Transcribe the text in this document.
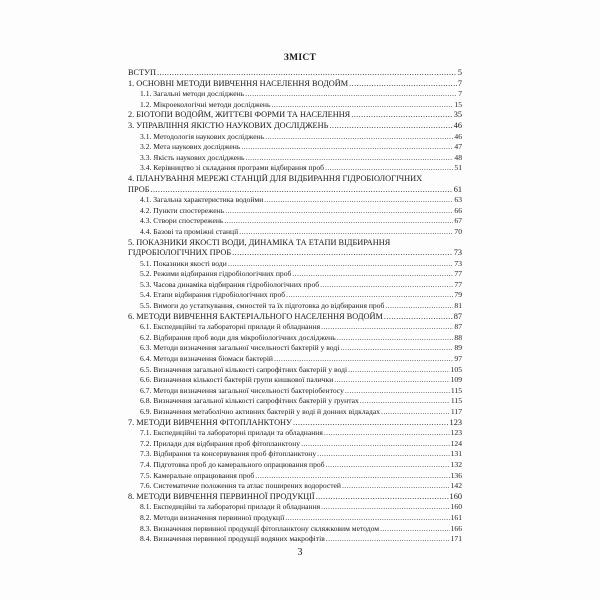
ЗМІСТ
ВСТУП .....	5
1. ОСНОВНІ МЕТОДИ ВИВЧЕННЯ НАСЕЛЕННЯ ВОДОЙМ .....	7
1.1. Загальні методи досліджень .....	7
1.2. Мікроекологічні методи досліджень .....	15
2. БІОТОПИ ВОДОЙМ, ЖИТТЄВІ ФОРМИ ТА НАСЕЛЕННЯ .....	35
3. УПРАВЛІННЯ ЯКІСТЮ НАУКОВИХ ДОСЛІДЖЕНЬ .....	46
3.1. Методологія наукових досліджень .....	46
3.2. Мета наукових досліджень .....	47
3.3. Якість наукових досліджень .....	48
3.4. Керівництво зі складання програми відбирання проб .....	51
4. ПЛАНУВАННЯ МЕРЕЖІ СТАНЦІЙ ДЛЯ ВІДБИРАННЯ ГІДРОБІОЛОГІЧНИХ
ПРОБ .....	61
4.1. Загальна характеристика водойми .....	63
4.2. Пункти спостережень .....	66
4.3. Створи спостережень .....	67
4.4. Базові та проміжні станції .....	70
5. ПОКАЗНИКИ ЯКОСТІ ВОДИ, ДИНАМІКА ТА ЕТАПИ ВІДБИРАННЯ
ГІДРОБІОЛОГІЧНИХ ПРОБ .....	73
5.1. Показники якості води .....	73
5.2. Режими відбирання гідробіологічних проб .....	77
5.3. Часова динаміка відбирання гідробіологічних проб .....	77
5.4. Етапи відбирання гідробіологічних проб .....	79
5.5. Вимоги до устаткування, ємностей та їх підготовка до відбирання проб .....	81
6. МЕТОДИ ВИВЧЕННЯ БАКТЕРІАЛЬНОГО НАСЕЛЕННЯ ВОДОЙМ .....	87
6.1. Експедиційні та лабораторні прилади й обладнання .....	87
6.2. Відбирання проб води для мікробіологічних досліджень .....	88
6.3. Методи визначення загальної чисельності бактерій у воді .....	89
6.4. Методи визначення біомаси бактерій .....	97
6.5. Визначення загальної кількості сапрофітних бактерій у воді .....	105
6.6. Визначення кількості бактерій групи кишкової палички .....	109
6.7. Методи визначення загальної чисельності бактеріобентосу .....	115
6.8. Визначення загальної кількості сапрофітних бактерій у ґрунтах .....	115
6.9. Визначення метаболічно активних бактерій у воді й донних відкладах .....	117
7. МЕТОДИ ВИВЧЕННЯ ФІТОПЛАНКТОНУ .....	123
7.1. Експедиційні та лабораторні прилади та обладнання .....	123
7.2. Прилади для відбирання проб фітопланктону .....	124
7.3. Відбирання та консервування проб фітопланктону .....	131
7.4. Підготовка проб до камерального опрацювання проб .....	132
7.5. Камеральне опрацювання проб .....	136
7.6. Систематичне положення та атлас поширених водоростей .....	142
8. МЕТОДИ ВИВЧЕННЯ ПЕРВИННОЇ ПРОДУКЦІЇ .....	160
8.1. Експедиційні та лабораторні прилади й обладнання .....	160
8.2. Методи визначення первинної продукції .....	161
8.3. Визначення первинної продукції фітопланктону скляжковим методом .....	166
8.4. Визначення первинної продукції водяних макрофітів .....	171
3
